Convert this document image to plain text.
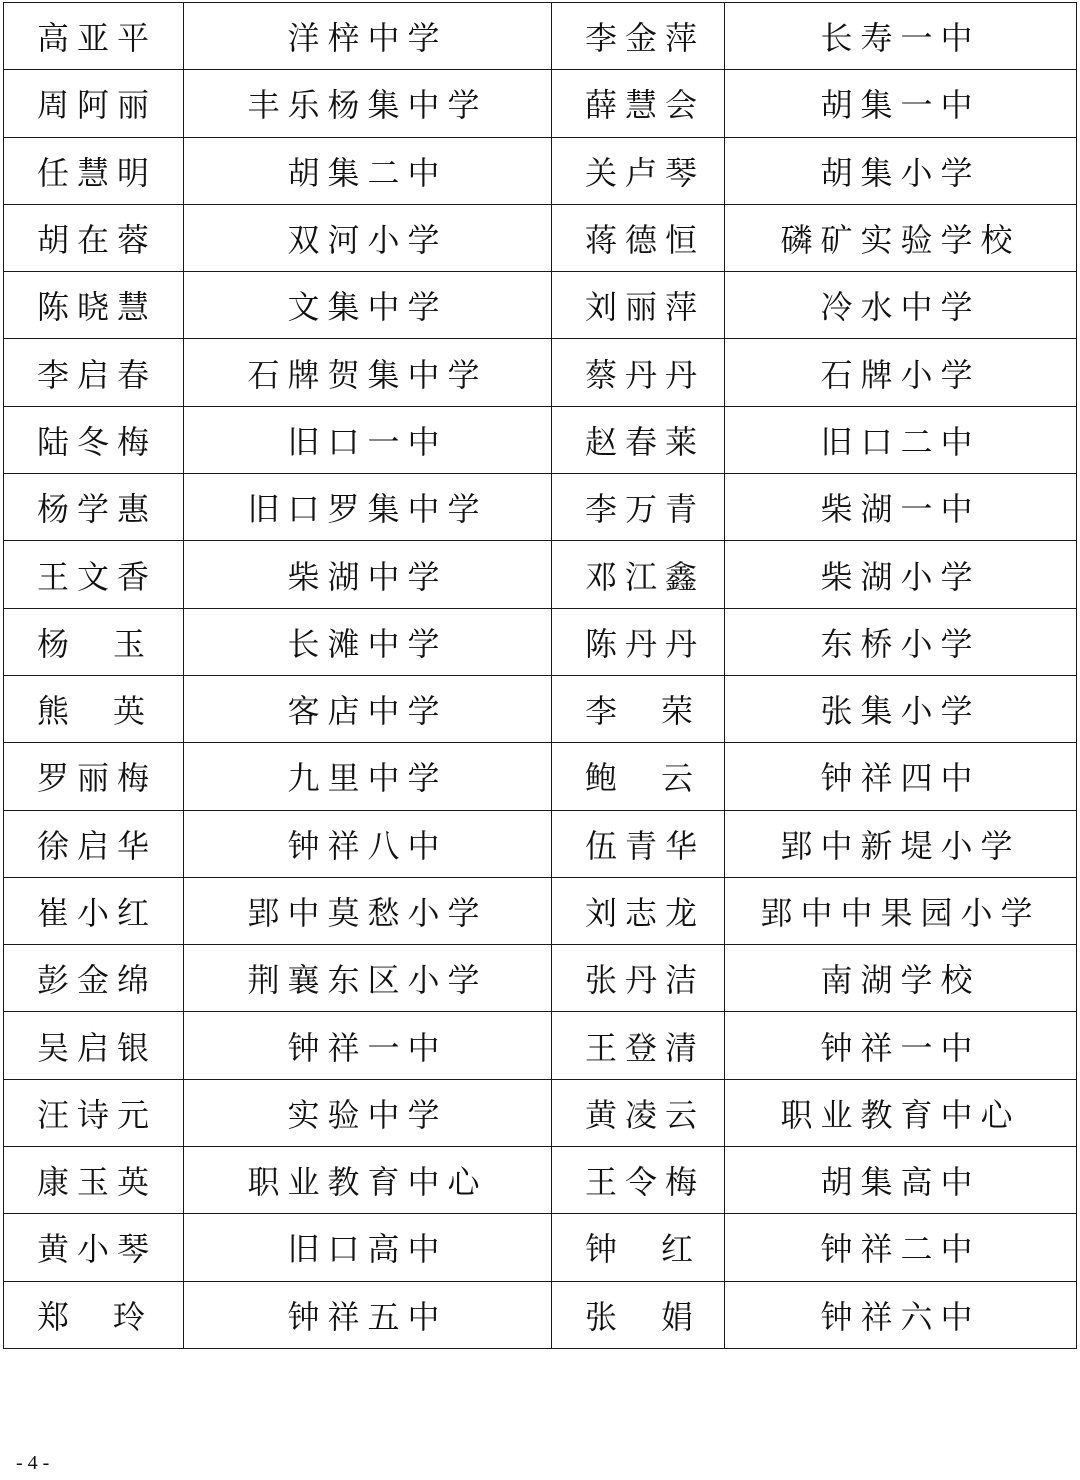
高亚平	洋梓中学	李金萍	长寿一中
周阿丽	丰乐杨集中学	薛慧会	胡集一中
任慧明	胡集二中	关卢琴	胡集小学
胡在蓉	双河小学	蒋德恒	磷矿实验学校
陈晓慧	文集中学	刘丽萍	冷水中学
李启春	石牌贺集中学	蔡丹丹	石牌小学
陆冬梅	旧口一中	赵春莱	旧口二中
杨学惠	旧口罗集中学	李万青	柴湖一中
王文香	柴湖中学	邓江鑫	柴湖小学

杨 玉	长滩中学	陈丹丹	东桥小学

熊 英	客店中学	李 荣	张集小学
罗丽梅	九里中学	鲍 云	钟祥四中
徐启华	钟祥八中	伍青华	郢中新堤小学
崔小红	郢中莫愁小学	刘志龙	郢中中果园小学
彭金绵	荆襄东区小学	张丹洁	南湖学校
吴启银	钟祥一中	王登清	钟祥一中
汪诗元	实验中学	黄凌云	职业教育中心
康玉英	职业教育中心	王令梅	胡集高中
黄小琴	旧口高中	钟 红	钟祥二中

郑 玲	钟祥五中	张 娟	钟祥六中
- 4 -
